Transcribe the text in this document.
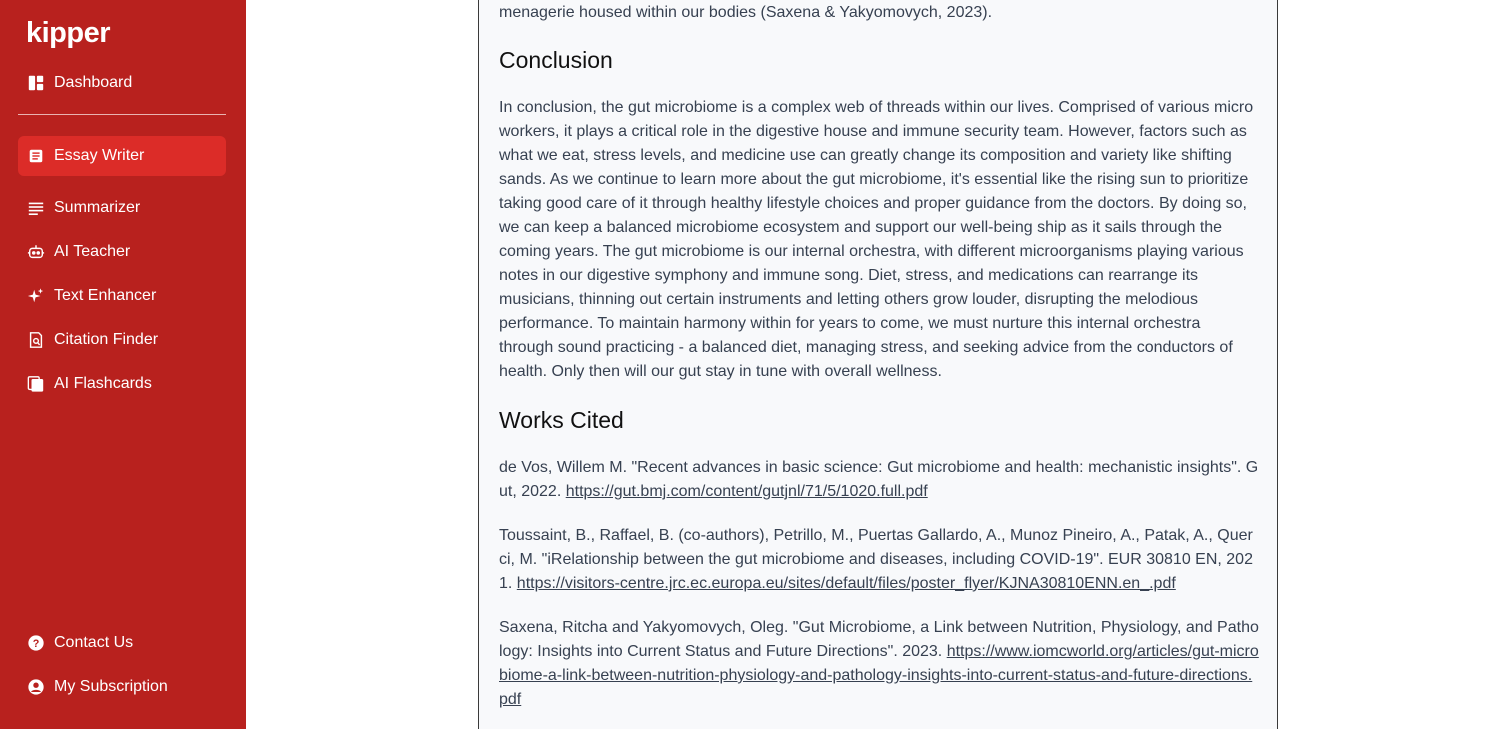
kipper
Dashboard
Essay Writer
Summarizer
AI Teacher
Text Enhancer
Citation Finder
AI Flashcards
? Contact Us
My Subscription
menagerie housed within our bodies (Saxena & Yakyomovych, 2023).
Conclusion
In conclusion, the gut microbiome is a complex web of threads within our lives. Comprised of various micro workers, it plays a critical role in the digestive house and immune security team. However, factors such as what we eat, stress levels, and medicine use can greatly change its composition and variety like shifting sands. As we continue to learn more about the gut microbiome, it's essential like the rising sun to prioritize taking good care of it through healthy lifestyle choices and proper guidance from the doctors. By doing so, we can keep a balanced microbiome ecosystem and support our well-being ship as it sails through the coming years. The gut microbiome is our internal orchestra, with different microorganisms playing various notes in our digestive symphony and immune song. Diet, stress, and medications can rearrange its musicians, thinning out certain instruments and letting others grow louder, disrupting the melodious performance. To maintain harmony within for years to come, we must nurture this internal orchestra through sound practicing - a balanced diet, managing stress, and seeking advice from the conductors of health. Only then will our gut stay in tune with overall wellness.
Works Cited
de Vos, Willem M. "Recent advances in basic science: Gut microbiome and health: mechanistic insights". Gut, 2022. https://gut.bmj.com/content/gutjnl/71/5/1020.full.pdf
Toussaint, B., Raffael, B. (co-authors), Petrillo, M., Puertas Gallardo, A., Munoz Pineiro, A., Patak, A., Querci, M. "iRelationship between the gut microbiome and diseases, including COVID-19". EUR 30810 EN, 2021. https://visitors-centre.jrc.ec.europa.eu/sites/default/files/poster_flyer/KJNA30810ENN.en_.pdf
Saxena, Ritcha and Yakyomovych, Oleg. "Gut Microbiome, a Link between Nutrition, Physiology, and Pathology: Insights into Current Status and Future Directions". 2023. https://www.iomcworld.org/articles/gut-microbiome-a-link-between-nutrition-physiology-and-pathology-insights-into-current-status-and-future-directions.pdf
